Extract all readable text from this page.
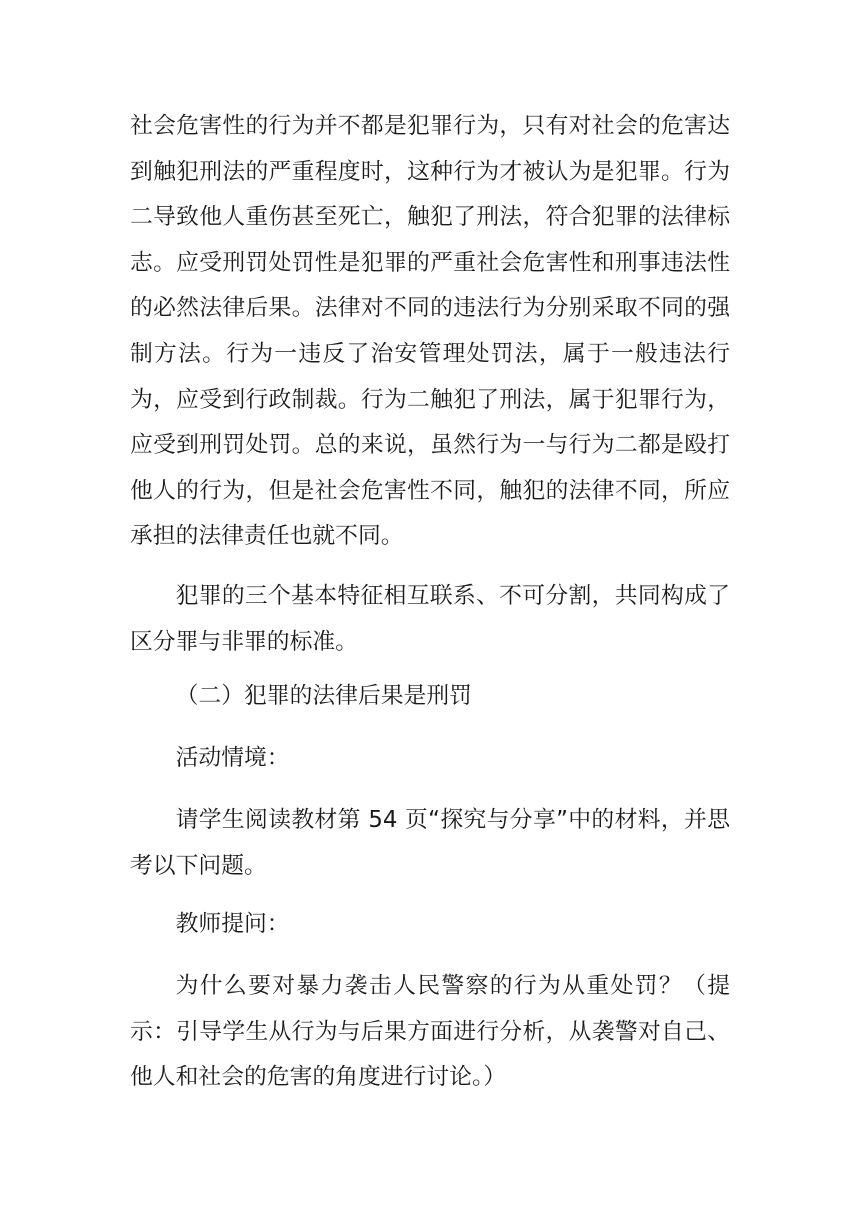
社会危害性的行为并不都是犯罪行为，只有对社会的危害达到触犯刑法的严重程度时，这种行为才被认为是犯罪。行为二导致他人重伤甚至死亡，触犯了刑法，符合犯罪的法律标志。应受刑罚处罚性是犯罪的严重社会危害性和刑事违法性的必然法律后果。法律对不同的违法行为分别采取不同的强制方法。行为一违反了治安管理处罚法，属于一般违法行为，应受到行政制裁。行为二触犯了刑法，属于犯罪行为，应受到刑罚处罚。总的来说，虽然行为一与行为二都是殴打他人的行为，但是社会危害性不同，触犯的法律不同，所应承担的法律责任也就不同。

犯罪的三个基本特征相互联系、不可分割，共同构成了区分罪与非罪的标准。

（二）犯罪的法律后果是刑罚

活动情境：

请学生阅读教材第 54 页“探究与分享”中的材料，并思考以下问题。

教师提问：

为什么要对暴力袭击人民警察的行为从重处罚？（提示：引导学生从行为与后果方面进行分析，从袭警对自己、他人和社会的危害的角度进行讨论。）
